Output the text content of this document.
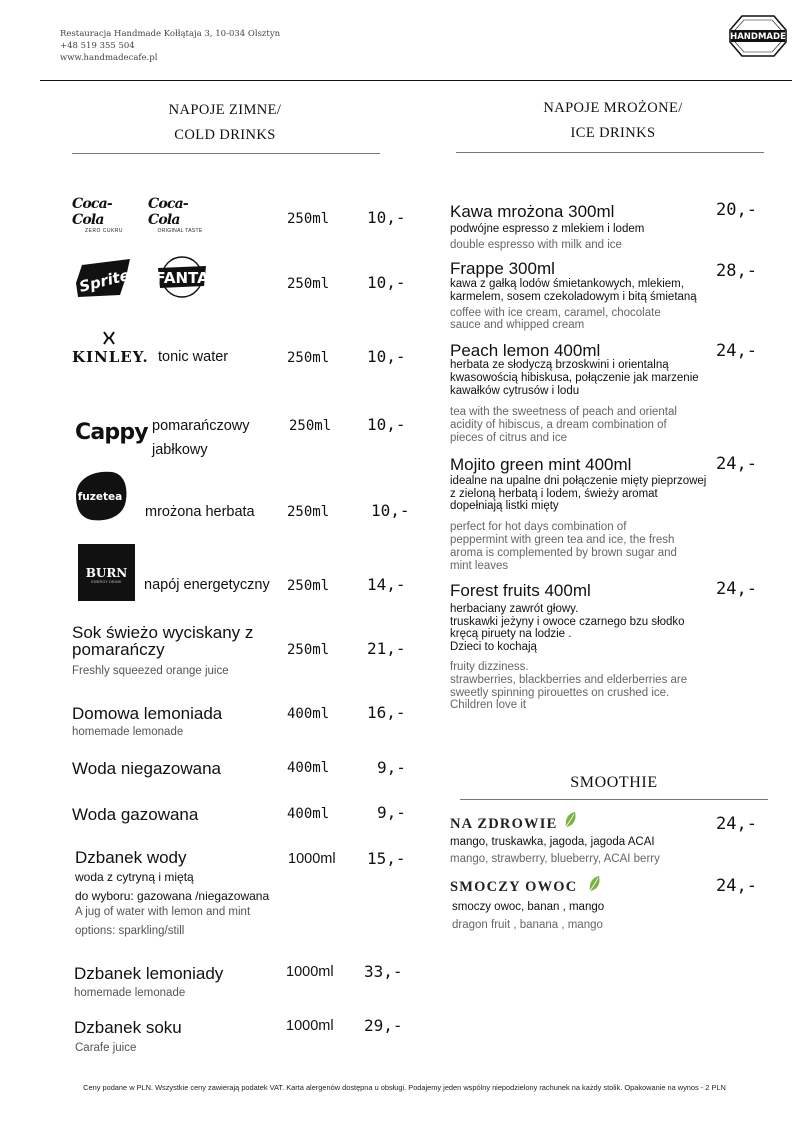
Restauracja Handmade Kołłątaja 3, 10-034 Olsztyn
+48 519 355 504
www.handmadecafe.pl
HANDMADE
NAPOJE ZIMNE/
COLD DRINKS
NAPOJE MROŻONE/
ICE DRINKS
Coca-Cola
ZERO CUKRU
Coca-Cola
ORIGINAL TASTE
250ml 10,-
Sprite FANTA	250ml 10,-
KINLEY. tonic water	250ml 10,-
Cappy pomarańczowy
jabłkowy
250ml 10,-
fuzetea
mrożona herbata 250ml	10,-
BURN
ENERGY DRINK	napój energetyczny 250ml 14,-
Sok świeżo wyciskany z
pomarańczy
Freshly squeezed orange juice
250ml 21,-
Domowa lemoniada
homemade lemonade
400ml 16,-
Woda niegazowana	400ml	9,-
Woda gazowana	400ml	9,-
Dzbanek wody
woda z cytryną i miętą
do wyboru: gazowana /niegazowana
A jug of water with lemon and mint
options: sparkling/still
1000ml 15,-
Dzbanek lemoniady
homemade lemonade
1000ml 33,-
Dzbanek soku
Carafe juice
1000ml 29,-
Kawa mrożona 300ml	20,-
podwójne espresso z mlekiem i lodem
double espresso with milk and ice
Frappe 300ml	28,-
kawa z gałką lodów śmietankowych, mlekiem,
karmelem, sosem czekoladowym i bitą śmietaną
coffee with ice cream, caramel, chocolate
sauce and whipped cream
Peach lemon 400ml	24,-
herbata ze słodyczą brzoskwini i orientalną
kwasowością hibiskusa, połączenie jak marzenie
kawałków cytrusów i lodu
tea with the sweetness of peach and oriental
acidity of hibiscus, a dream combination of
pieces of citrus and ice
Mojito green mint 400ml	24,-
idealne na upalne dni połączenie mięty pieprzowej
z zieloną herbatą i lodem, świeży aromat
dopełniają listki mięty
perfect for hot days combination of
peppermint with green tea and ice, the fresh
aroma is complemented by brown sugar and
mint leaves
Forest fruits 400ml	24,-
herbaciany zawrót głowy.
truskawki jeżyny i owoce czarnego bzu słodko
kręcą piruety na lodzie .
Dzieci to kochają
fruity dizziness.
strawberries, blackberries and elderberries are
sweetly spinning pirouettes on crushed ice.
Children love it
SMOOTHIE
NA ZDROWIE	24,-
mango, truskawka, jagoda, jagoda ACAI
mango, strawberry, blueberry, ACAI berry
SMOCZY OWOC	24,-
smoczy owoc, banan , mango
dragon fruit , banana , mango
Ceny podane w PLN. Wszystkie ceny zawierają podatek VAT. Karta alergenów dostępna u obsługi. Podajemy jeden wspólny niepodzielony rachunek na każdy stolik. Opakowanie na wynos - 2 PLN
